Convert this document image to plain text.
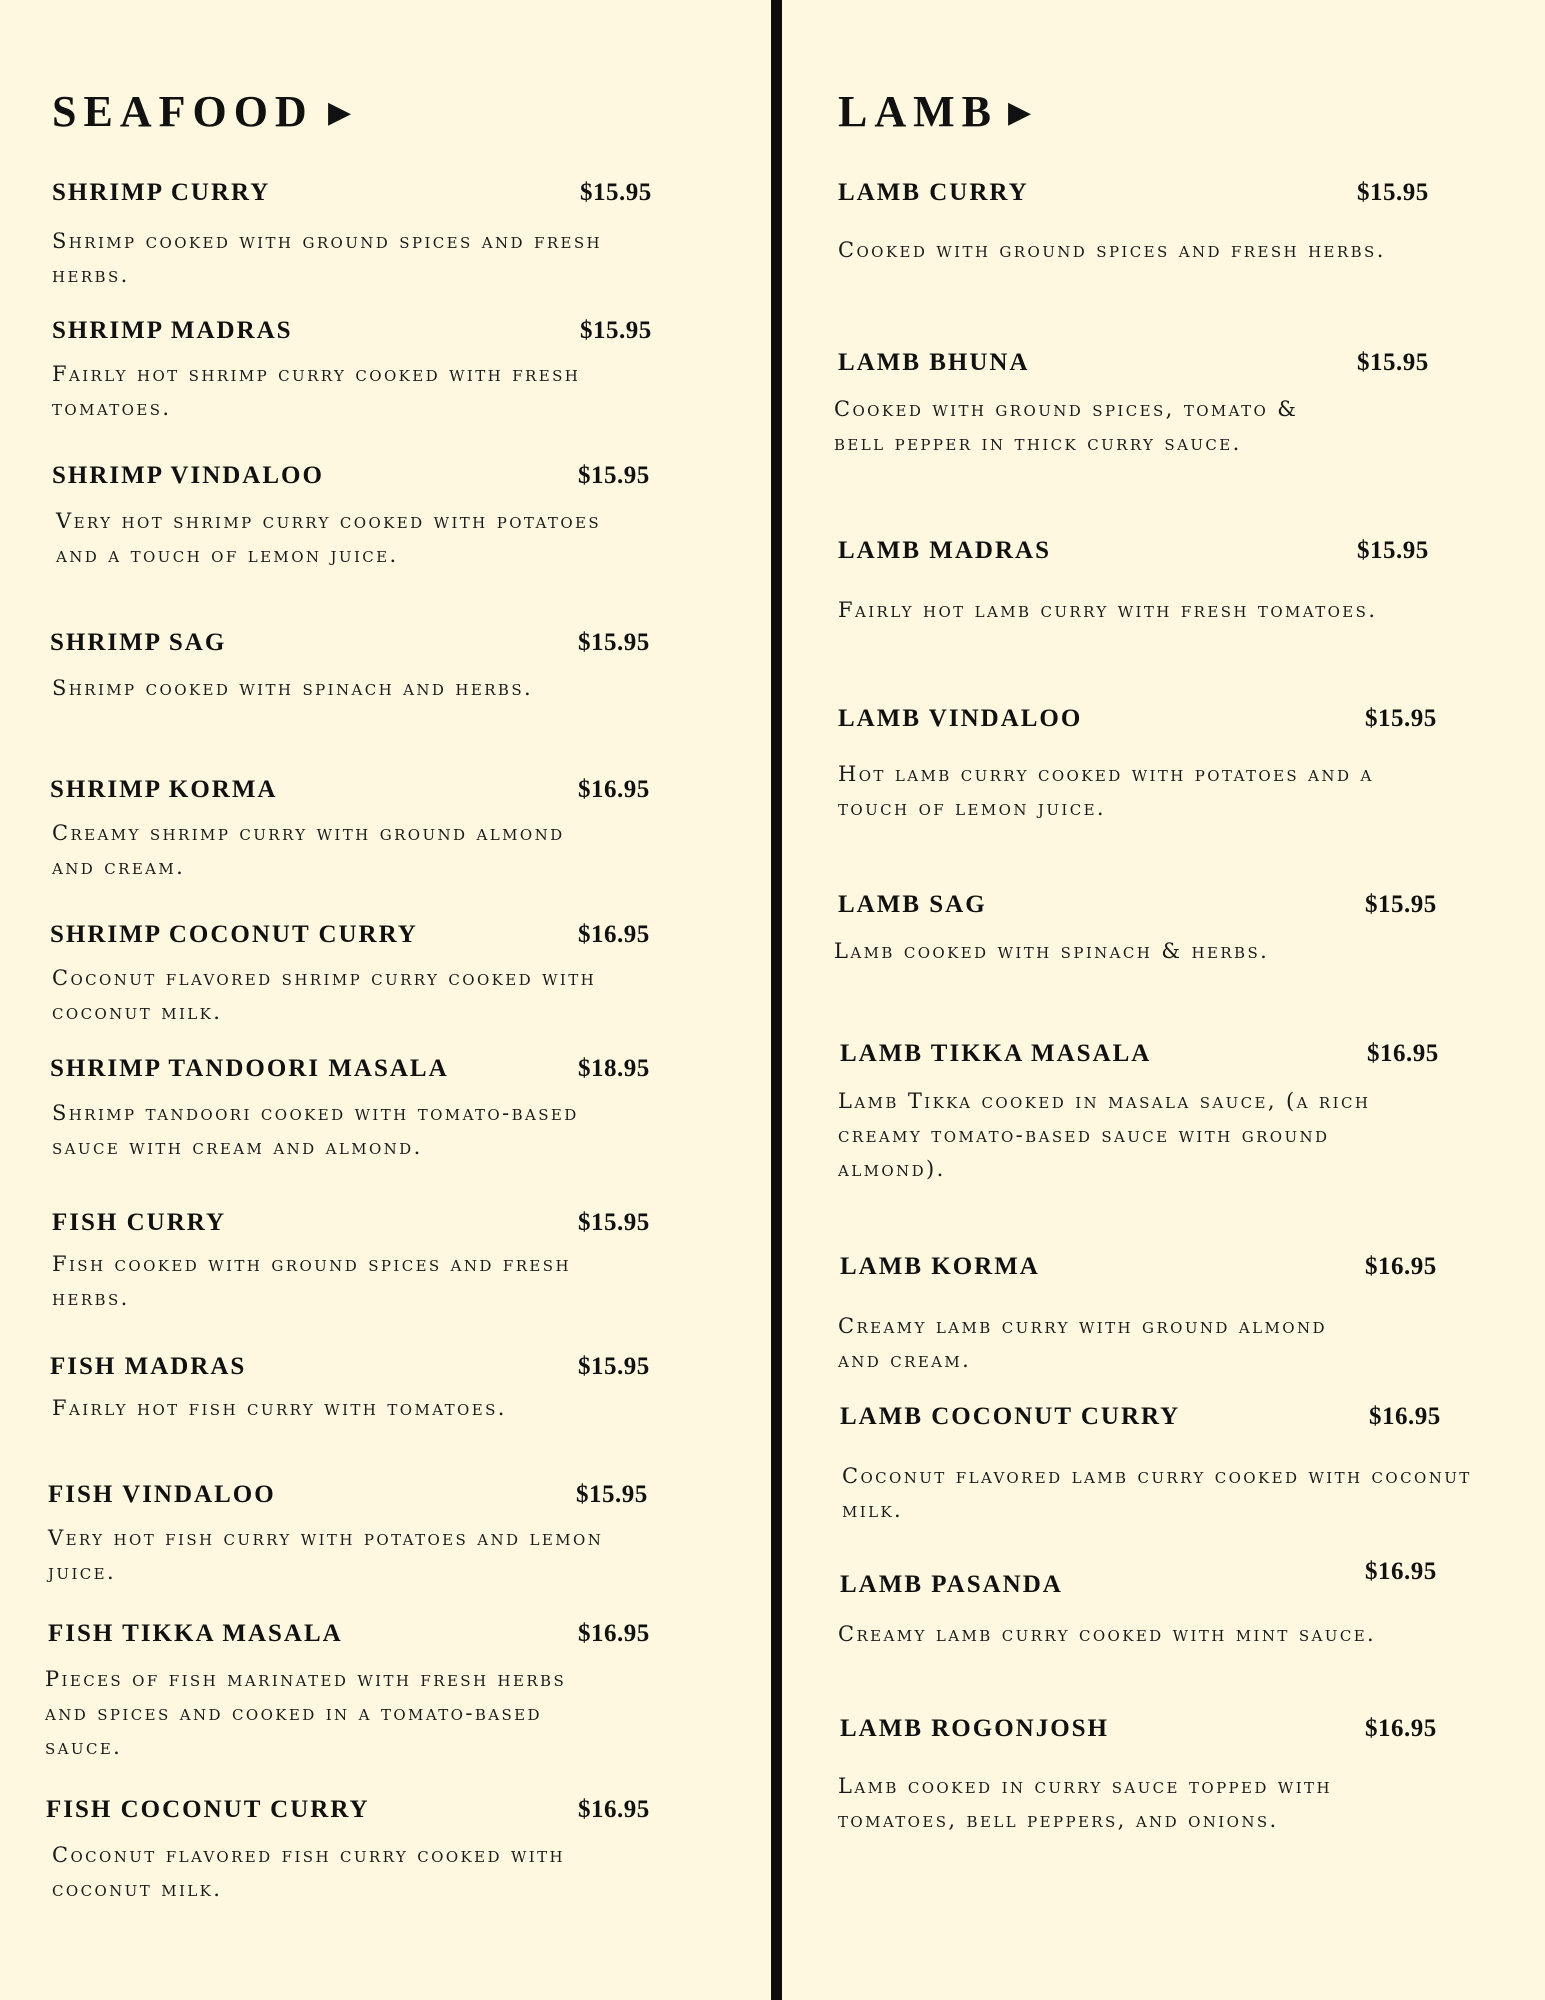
SEAFOOD ▶
SHRIMP CURRY	$15.95
Shrimp cooked with ground spices and fresh herbs.
SHRIMP MADRAS	$15.95
Fairly hot shrimp curry cooked with fresh tomatoes.
SHRIMP VINDALOO	$15.95
Very hot shrimp curry cooked with potatoes and a touch of lemon juice.
SHRIMP SAG	$15.95
Shrimp cooked with spinach and herbs.
SHRIMP KORMA	$16.95
Creamy shrimp curry with ground almond and cream.
SHRIMP COCONUT CURRY	$16.95
Coconut flavored shrimp curry cooked with coconut milk.
SHRIMP TANDOORI MASALA	$18.95
Shrimp tandoori cooked with tomato-based sauce with cream and almond.
FISH CURRY	$15.95
Fish cooked with ground spices and fresh herbs.
FISH MADRAS	$15.95
Fairly hot fish curry with tomatoes.
FISH VINDALOO	$15.95
Very hot fish curry with potatoes and lemon juice.
FISH TIKKA MASALA	$16.95
Pieces of fish marinated with fresh herbs and spices and cooked in a tomato-based sauce.
FISH COCONUT CURRY	$16.95
Coconut flavored fish curry cooked with coconut milk.
LAMB ▶
LAMB CURRY	$15.95
Cooked with ground spices and fresh herbs.
LAMB BHUNA	$15.95
Cooked with ground spices, tomato & bell pepper in thick curry sauce.
LAMB MADRAS	$15.95
Fairly hot lamb curry with fresh tomatoes.
LAMB VINDALOO	$15.95
Hot lamb curry cooked with potatoes and a touch of lemon juice.
LAMB SAG	$15.95
Lamb cooked with spinach & herbs.
LAMB TIKKA MASALA	$16.95
Lamb Tikka cooked in masala sauce, (a rich creamy tomato-based sauce with ground almond).
LAMB KORMA	$16.95
Creamy lamb curry with ground almond and cream.
LAMB COCONUT CURRY	$16.95
Coconut flavored lamb curry cooked with coconut milk.
LAMB PASANDA	$16.95
Creamy lamb curry cooked with mint sauce.
LAMB ROGONJOSH	$16.95
Lamb cooked in curry sauce topped with tomatoes, bell peppers, and onions.
